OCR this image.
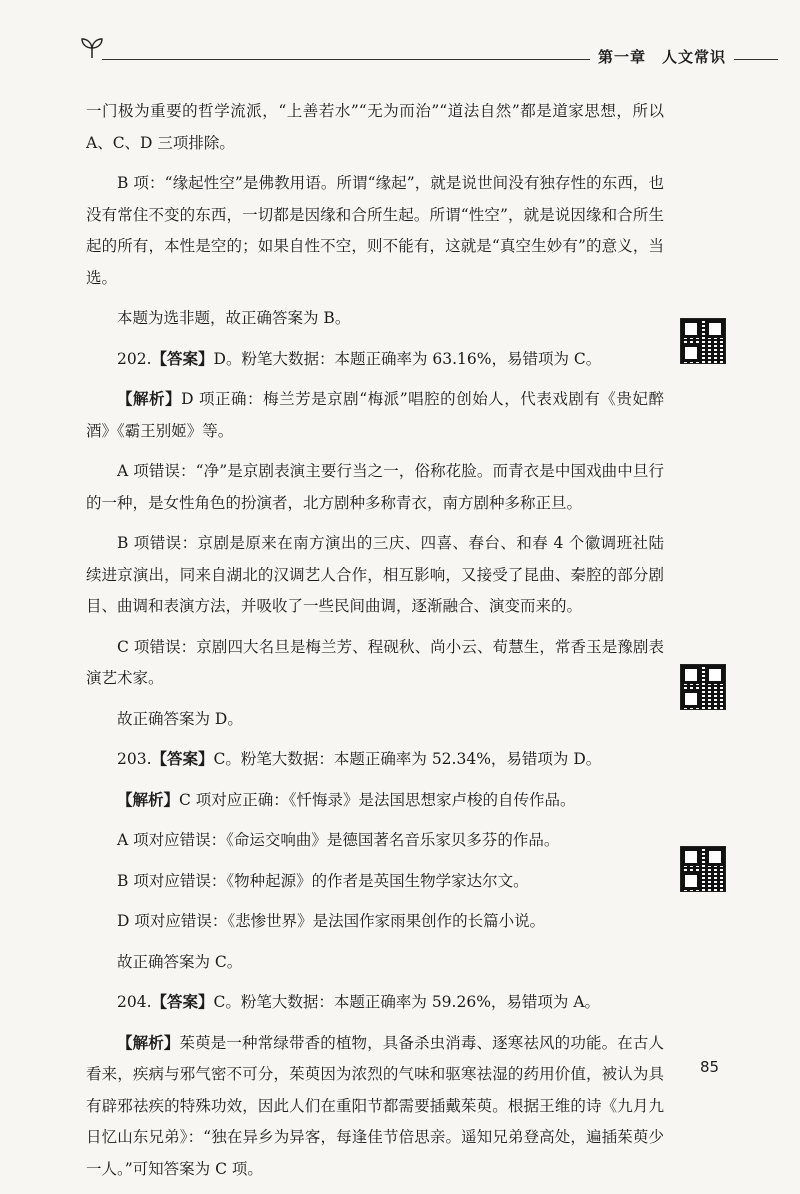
第一章 人文常识

一门极为重要的哲学流派，“上善若水”“无为而治”“道法自然”都是道家思想，所以 A、C、D 三项排除。

B 项：“缘起性空”是佛教用语。所谓“缘起”，就是说世间没有独存性的东西，也没有常住不变的东西，一切都是因缘和合所生起。所谓“性空”，就是说因缘和合所生起的所有，本性是空的；如果自性不空，则不能有，这就是“真空生妙有”的意义，当选。

本题为选非题，故正确答案为 B。

202.【答案】D。粉笔大数据：本题正确率为 63.16%，易错项为 C。

【解析】D 项正确：梅兰芳是京剧“梅派”唱腔的创始人，代表戏剧有《贵妃醉酒》《霸王别姬》等。

A 项错误：“净”是京剧表演主要行当之一，俗称花脸。而青衣是中国戏曲中旦行的一种，是女性角色的扮演者，北方剧种多称青衣，南方剧种多称正旦。

B 项错误：京剧是原来在南方演出的三庆、四喜、春台、和春 4 个徽调班社陆续进京演出，同来自湖北的汉调艺人合作，相互影响，又接受了昆曲、秦腔的部分剧目、曲调和表演方法，并吸收了一些民间曲调，逐渐融合、演变而来的。

C 项错误：京剧四大名旦是梅兰芳、程砚秋、尚小云、荀慧生，常香玉是豫剧表演艺术家。

故正确答案为 D。

203.【答案】C。粉笔大数据：本题正确率为 52.34%，易错项为 D。

【解析】C 项对应正确：《忏悔录》是法国思想家卢梭的自传作品。

A 项对应错误：《命运交响曲》是德国著名音乐家贝多芬的作品。

B 项对应错误：《物种起源》的作者是英国生物学家达尔文。

D 项对应错误：《悲惨世界》是法国作家雨果创作的长篇小说。

故正确答案为 C。

204.【答案】C。粉笔大数据：本题正确率为 59.26%，易错项为 A。

【解析】茱萸是一种常绿带香的植物，具备杀虫消毒、逐寒祛风的功能。在古人看来，疾病与邪气密不可分，茱萸因为浓烈的气味和驱寒祛湿的药用价值，被认为具有辟邪祛疾的特殊功效，因此人们在重阳节都需要插戴茱萸。根据王维的诗《九月九日忆山东兄弟》：“独在异乡为异客，每逢佳节倍思亲。遥知兄弟登高处，遍插茱萸少一人。”可知答案为 C 项。

85
